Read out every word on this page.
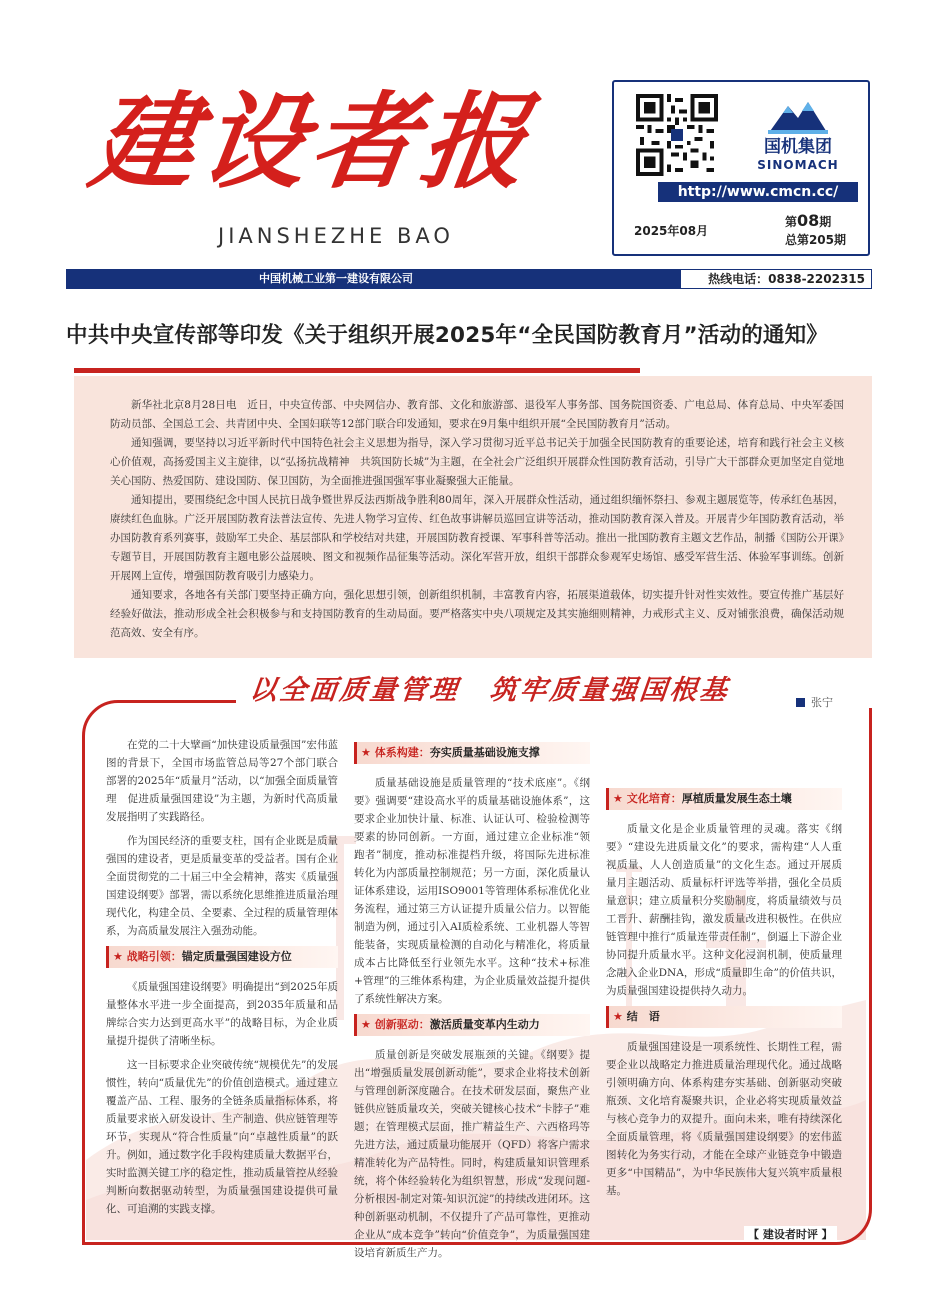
建设者报
JIANSHEZHE BAO
国机集团
SINOMACH
http://www.cmcn.cc/
2025年08月
第08期
总第205期
中国机械工业第一建设有限公司	热线电话：0838-2202315
中共中央宣传部等印发《关于组织开展2025年“全民国防教育月”活动的通知》

新华社北京8月28日电　近日，中央宣传部、中央网信办、教育部、文化和旅游部、退役军人事务部、国务院国资委、广电总局、体育总局、中央军委国防动员部、全国总工会、共青团中央、全国妇联等12部门联合印发通知，要求在9月集中组织开展“全民国防教育月”活动。

通知强调，要坚持以习近平新时代中国特色社会主义思想为指导，深入学习贯彻习近平总书记关于加强全民国防教育的重要论述，培育和践行社会主义核心价值观，高扬爱国主义主旋律，以“弘扬抗战精神　共筑国防长城”为主题，在全社会广泛组织开展群众性国防教育活动，引导广大干部群众更加坚定自觉地关心国防、热爱国防、建设国防、保卫国防，为全面推进强国强军事业凝聚强大正能量。

通知提出，要围绕纪念中国人民抗日战争暨世界反法西斯战争胜利80周年，深入开展群众性活动，通过组织缅怀祭扫、参观主题展览等，传承红色基因，赓续红色血脉。广泛开展国防教育法普法宣传、先进人物学习宣传、红色故事讲解员巡回宣讲等活动，推动国防教育深入普及。开展青少年国防教育活动，举办国防教育系列赛事，鼓励军工央企、基层部队和学校结对共建，开展国防教育授课、军事科普等活动。推出一批国防教育主题文艺作品，制播《国防公开课》专题节目，开展国防教育主题电影公益展映、图文和视频作品征集等活动。深化军营开放，组织干部群众参观军史场馆、感受军营生活、体验军事训练。创新开展网上宣传，增强国防教育吸引力感染力。

通知要求，各地各有关部门要坚持正确方向，强化思想引领，创新组织机制，丰富教育内容，拓展渠道载体，切实提升针对性实效性。要宣传推广基层好经验好做法，推动形成全社会积极参与和支持国防教育的生动局面。要严格落实中央八项规定及其实施细则精神，力戒形式主义、反对铺张浪费，确保活动规范高效、安全有序。

以全面质量管理　筑牢质量强国根基	张宁

在党的二十大擘画“加快建设质量强国”宏伟蓝图的背景下，全国市场监管总局等27个部门联合部署的2025年“质量月”活动，以“加强全面质量管理　促进质量强国建设”为主题，为新时代高质量发展指明了实践路径。

作为国民经济的重要支柱，国有企业既是质量强国的建设者，更是质量变革的受益者。国有企业全面贯彻党的二十届三中全会精神，落实《质量强国建设纲要》部署，需以系统化思维推进质量治理现代化，构建全员、全要素、全过程的质量管理体系，为高质量发展注入强劲动能。

★ 战略引领：锚定质量强国建设方位

《质量强国建设纲要》明确提出“到2025年质量整体水平进一步全面提高，到2035年质量和品牌综合实力达到更高水平”的战略目标，为企业质量提升提供了清晰坐标。

这一目标要求企业突破传统“规模优先”的发展惯性，转向“质量优先”的价值创造模式。通过建立覆盖产品、工程、服务的全链条质量指标体系，将质量要求嵌入研发设计、生产制造、供应链管理等环节，实现从“符合性质量”向“卓越性质量”的跃升。例如，通过数字化手段构建质量大数据平台，实时监测关键工序的稳定性，推动质量管控从经验判断向数据驱动转型，为质量强国建设提供可量化、可追溯的实践支撑。

★ 体系构建：夯实质量基础设施支撑

质量基础设施是质量管理的“技术底座”。《纲要》强调要“建设高水平的质量基础设施体系”，这要求企业加快计量、标准、认证认可、检验检测等要素的协同创新。一方面，通过建立企业标准“领跑者”制度，推动标准提档升级，将国际先进标准转化为内部质量控制规范；另一方面，深化质量认证体系建设，运用ISO9001等管理体系标准优化业务流程，通过第三方认证提升质量公信力。以智能制造为例，通过引入AI质检系统、工业机器人等智能装备，实现质量检测的自动化与精准化，将质量成本占比降低至行业领先水平。这种“技术+标准+管理”的三维体系构建，为企业质量效益提升提供了系统性解决方案。

★ 创新驱动：激活质量变革内生动力

质量创新是突破发展瓶颈的关键。《纲要》提出“增强质量发展创新动能”，要求企业将技术创新与管理创新深度融合。在技术研发层面，聚焦产业链供应链质量攻关，突破关键核心技术“卡脖子”难题；在管理模式层面，推广精益生产、六西格玛等先进方法，通过质量功能展开（QFD）将客户需求精准转化为产品特性。同时，构建质量知识管理系统，将个体经验转化为组织智慧，形成“发现问题-分析根因-制定对策-知识沉淀”的持续改进闭环。这种创新驱动机制，不仅提升了产品可靠性，更推动企业从“成本竞争”转向“价值竞争”，为质量强国建设培育新质生产力。

★ 文化培育：厚植质量发展生态土壤

质量文化是企业质量管理的灵魂。落实《纲要》“建设先进质量文化”的要求，需构建“人人重视质量、人人创造质量”的文化生态。通过开展质量月主题活动、质量标杆评选等举措，强化全员质量意识；建立质量积分奖励制度，将质量绩效与员工晋升、薪酬挂钩，激发质量改进积极性。在供应链管理中推行“质量连带责任制”，倒逼上下游企业协同提升质量水平。这种文化浸润机制，使质量理念融入企业DNA，形成“质量即生命”的价值共识，为质量强国建设提供持久动力。

★ 结　语

质量强国建设是一项系统性、长期性工程，需要企业以战略定力推进质量治理现代化。通过战略引领明确方向、体系构建夯实基础、创新驱动突破瓶颈、文化培育凝聚共识，企业必将实现质量效益与核心竞争力的双提升。面向未来，唯有持续深化全面质量管理，将《质量强国建设纲要》的宏伟蓝图转化为务实行动，才能在全球产业链竞争中锻造更多“中国精品”，为中华民族伟大复兴筑牢质量根基。

【 建设者时评 】
